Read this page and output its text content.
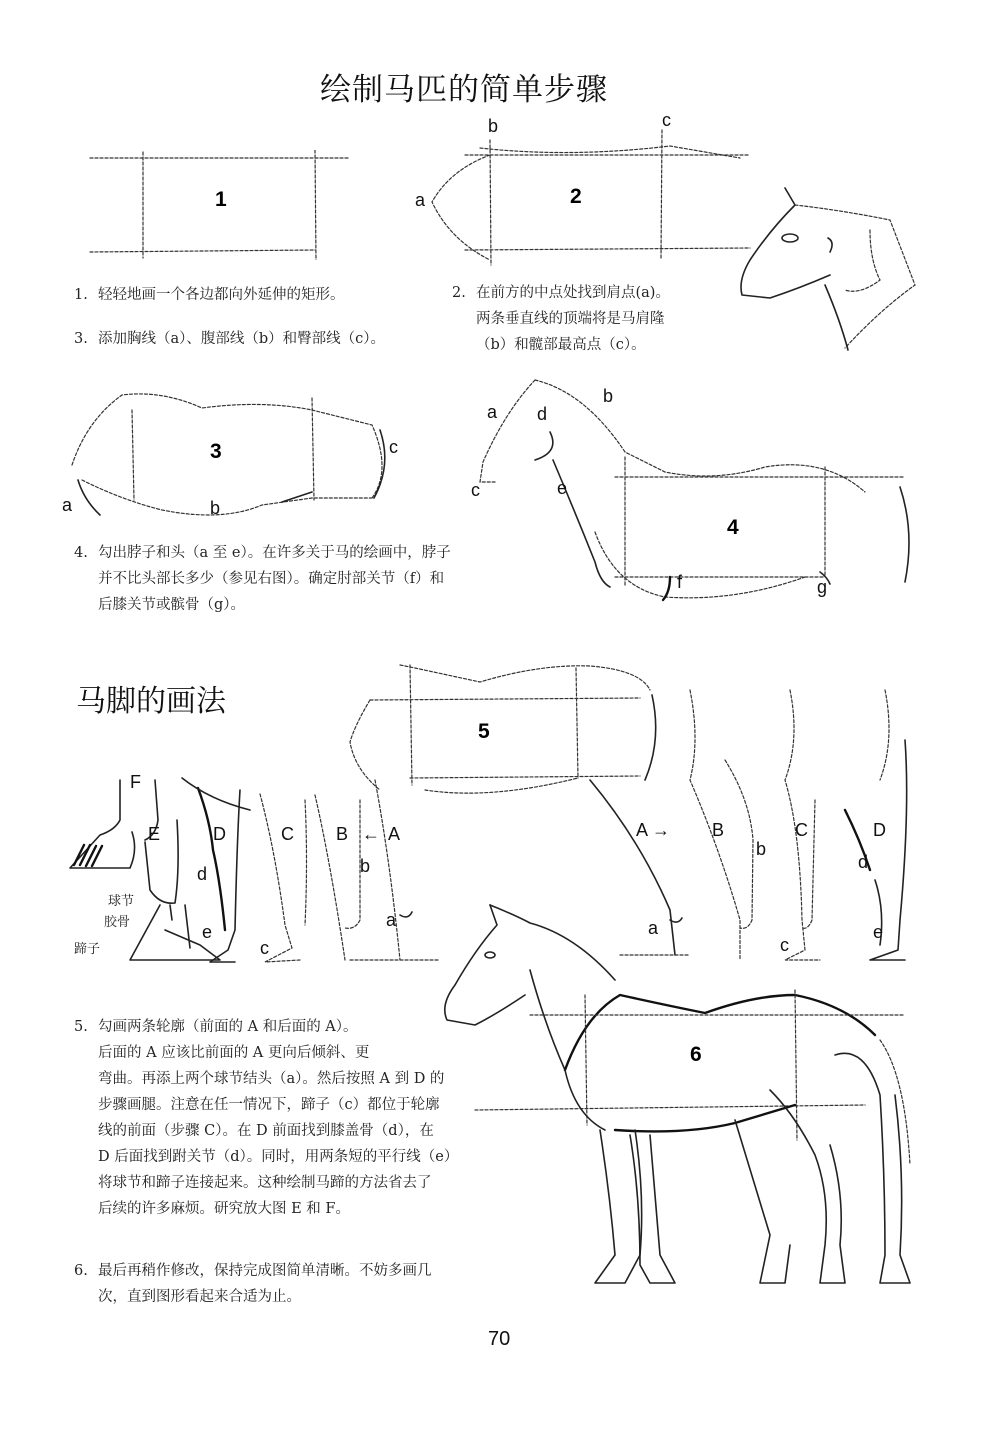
绘制马匹的简单步骤
1
b	c
a	2
1. 轻轻地画一个各边都向外延伸的矩形。
3. 添加胸线（a）、腹部线（b）和臀部线（c）。
2. 在前方的中点处找到肩点(a)。
两条垂直线的顶端将是马肩隆
（b）和髋部最高点（c）。
a	b
c
3
a
b
c
d
e
f	g
4
4. 勾出脖子和头（a 至 e）。在许多关于马的绘画中，脖子
并不比头部长多少（参见右图）。确定肘部关节（f）和
后膝关节或髌骨（g）。
马脚的画法
5
F
E	D	C B ← A
b
d
a
e
c
球节
胶骨
蹄子
A → B	C	D
b
d
a
c
e
6
5. 勾画两条轮廓（前面的 A 和后面的 A）。
后面的 A 应该比前面的 A 更向后倾斜、更
弯曲。再添上两个球节结头（a）。然后按照 A 到 D 的
步骤画腿。注意在任一情况下，蹄子（c）都位于轮廓
线的前面（步骤 C）。在 D 前面找到膝盖骨（d），在
D 后面找到跗关节（d）。同时，用两条短的平行线（e）
将球节和蹄子连接起来。这种绘制马蹄的方法省去了
后续的许多麻烦。研究放大图 E 和 F。
6. 最后再稍作修改，保持完成图简单清晰。不妨多画几
次，直到图形看起来合适为止。
70
